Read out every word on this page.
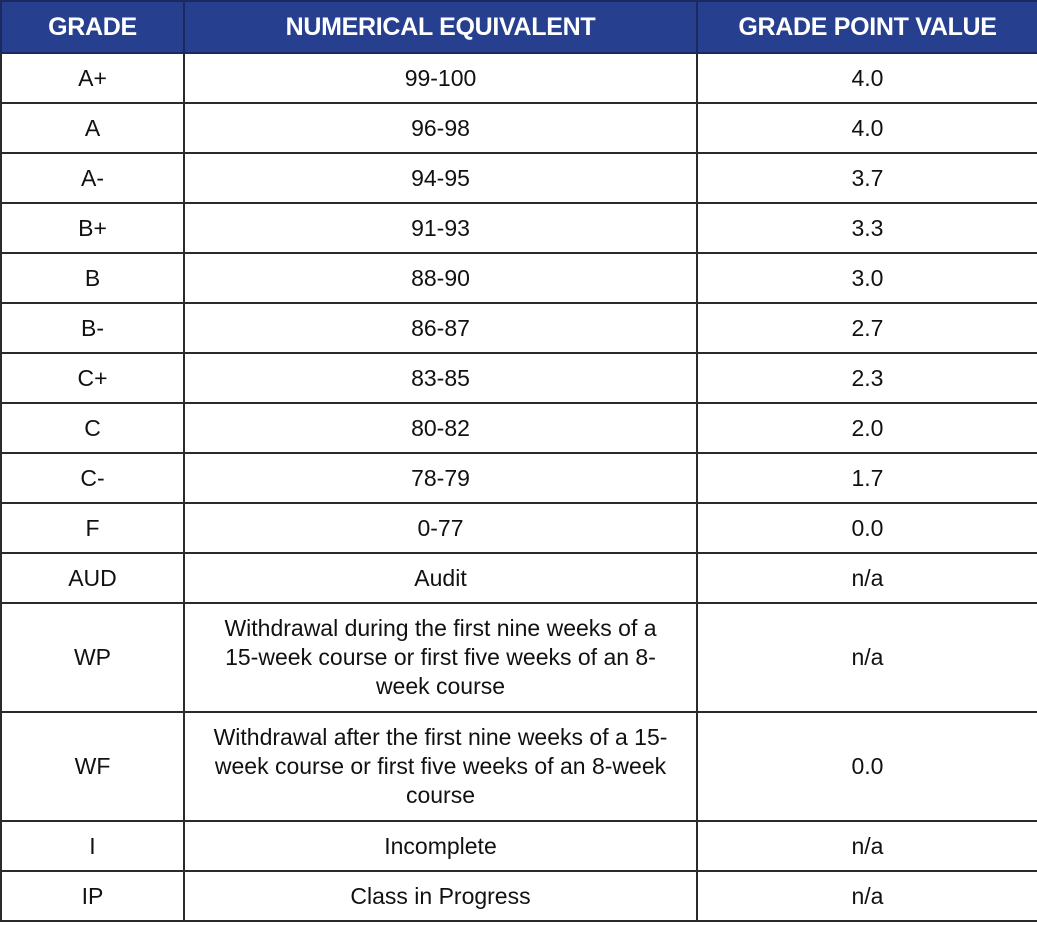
GRADE	NUMERICAL EQUIVALENT	GRADE POINT VALUE
A+	99-100	4.0
A	96-98	4.0
A-	94-95	3.7
B+	91-93	3.3
B	88-90	3.0
B-	86-87	2.7
C+	83-85	2.3
C	80-82	2.0
C-	78-79	1.7
F	0-77	0.0
AUD	Audit	n/a
WP	Withdrawal during the first nine weeks of a 15-week course or first five weeks of an 8-week course	n/a
WF	Withdrawal after the first nine weeks of a 15-week course or first five weeks of an 8-week course	0.0
I	Incomplete	n/a
IP	Class in Progress	n/a
